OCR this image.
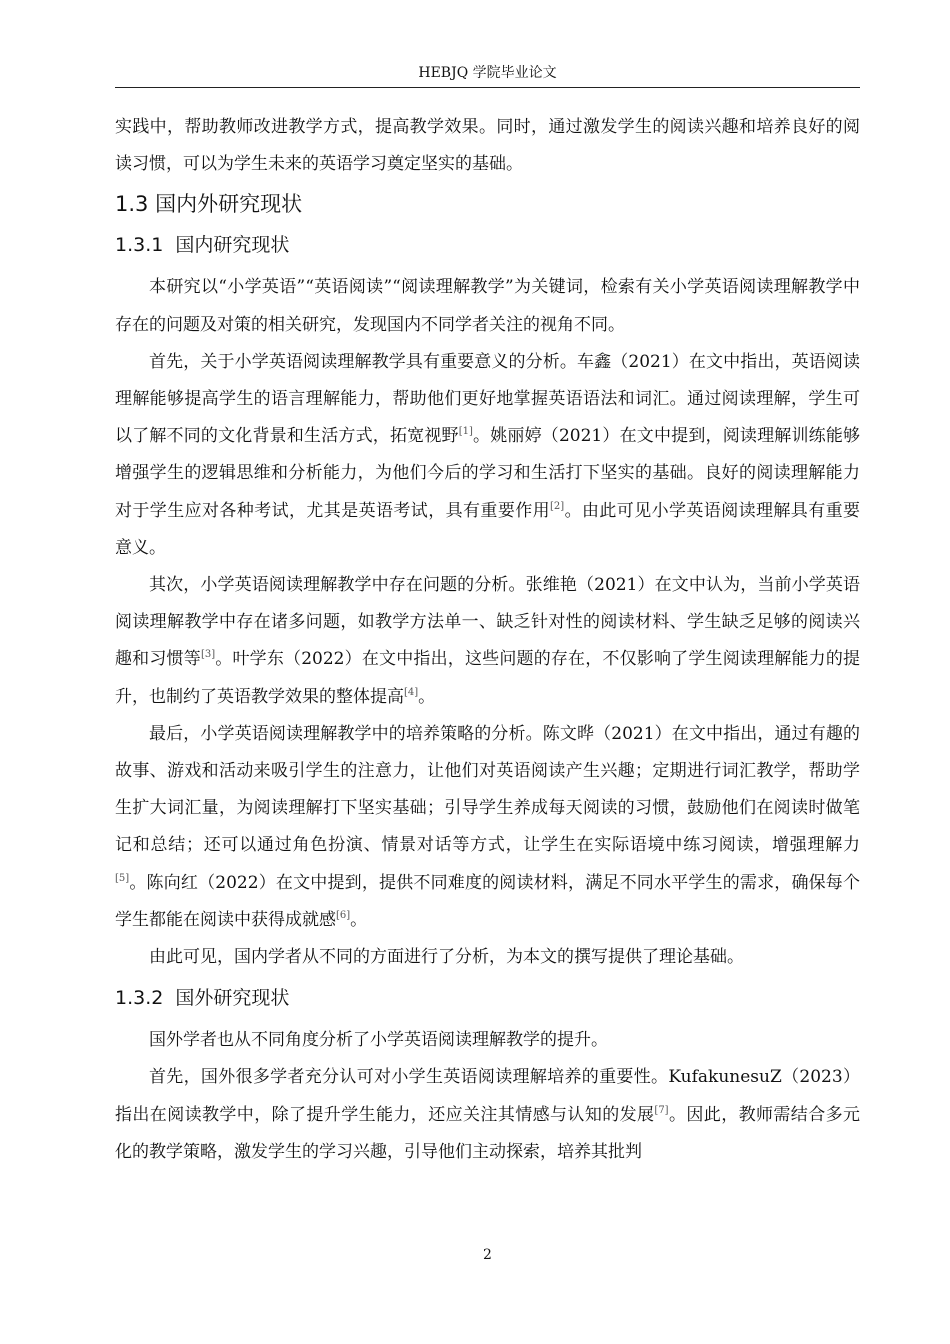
HEBJQ 学院毕业论文

实践中，帮助教师改进教学方式，提高教学效果。同时，通过激发学生的阅读兴趣和培养良好的阅读习惯，可以为学生未来的英语学习奠定坚实的基础。

1.3 国内外研究现状
1.3.1 国内研究现状

本研究以“小学英语”“英语阅读”“阅读理解教学”为关键词，检索有关小学英语阅读理解教学中存在的问题及对策的相关研究，发现国内不同学者关注的视角不同。

首先，关于小学英语阅读理解教学具有重要意义的分析。车鑫（2021）在文中指出，英语阅读理解能够提高学生的语言理解能力，帮助他们更好地掌握英语语法和词汇。通过阅读理解，学生可以了解不同的文化背景和生活方式，拓宽视野[1]。姚丽婷（2021）在文中提到，阅读理解训练能够增强学生的逻辑思维和分析能力，为他们今后的学习和生活打下坚实的基础。良好的阅读理解能力对于学生应对各种考试，尤其是英语考试，具有重要作用[2]。由此可见小学英语阅读理解具有重要意义。

其次，小学英语阅读理解教学中存在问题的分析。张维艳（2021）在文中认为，当前小学英语阅读理解教学中存在诸多问题，如教学方法单一、缺乏针对性的阅读材料、学生缺乏足够的阅读兴趣和习惯等[3]。叶学东（2022）在文中指出，这些问题的存在，不仅影响了学生阅读理解能力的提升，也制约了英语教学效果的整体提高[4]。

最后，小学英语阅读理解教学中的培养策略的分析。陈文晔（2021）在文中指出，通过有趣的故事、游戏和活动来吸引学生的注意力，让他们对英语阅读产生兴趣；定期进行词汇教学，帮助学生扩大词汇量，为阅读理解打下坚实基础；引导学生养成每天阅读的习惯，鼓励他们在阅读时做笔记和总结；还可以通过角色扮演、情景对话等方式，让学生在实际语境中练习阅读，增强理解力[5]。陈向红（2022）在文中提到，提供不同难度的阅读材料，满足不同水平学生的需求，确保每个学生都能在阅读中获得成就感[6]。

由此可见，国内学者从不同的方面进行了分析，为本文的撰写提供了理论基础。

1.3.2 国外研究现状

国外学者也从不同角度分析了小学英语阅读理解教学的提升。

首先，国外很多学者充分认可对小学生英语阅读理解培养的重要性。KufakunesuZ（2023）指出在阅读教学中，除了提升学生能力，还应关注其情感与认知的发展[7]。因此，教师需结合多元化的教学策略，激发学生的学习兴趣，引导他们主动探索，培养其批判

2
